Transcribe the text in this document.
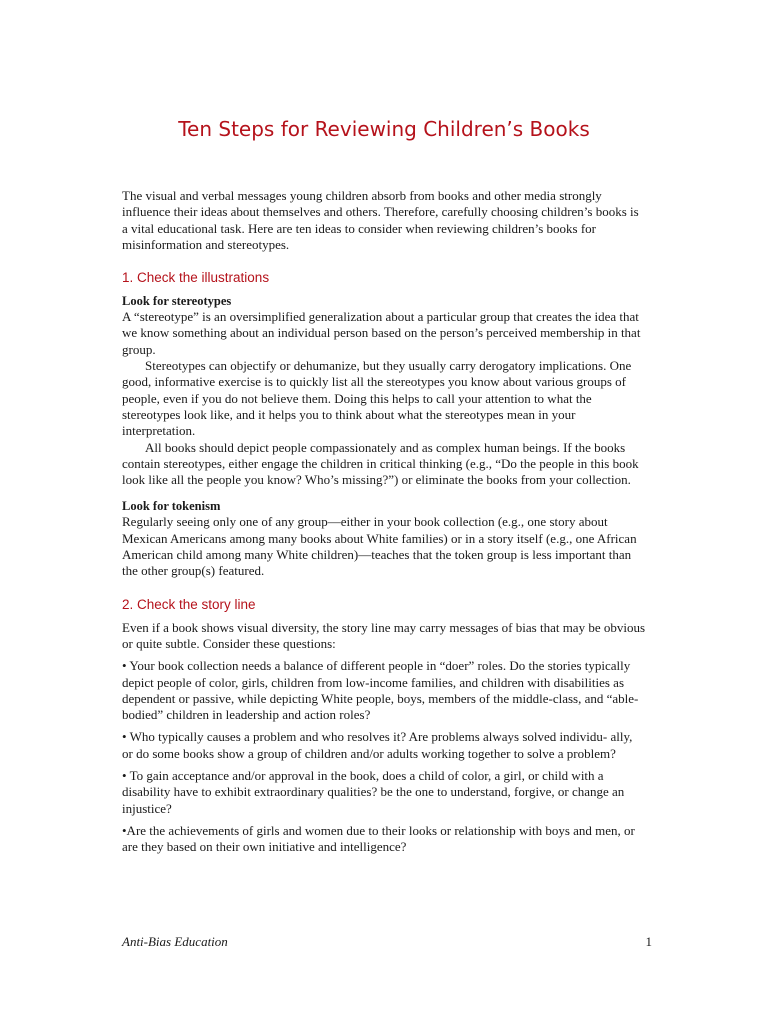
Ten Steps for Reviewing Children’s Books

The visual and verbal messages young children absorb from books and other media strongly influence their ideas about themselves and others. Therefore, carefully choosing children’s books is a vital educational task. Here are ten ideas to consider when reviewing children’s books for misinformation and stereotypes.

1. Check the illustrations

Look for stereotypes

A “stereotype” is an oversimplified generalization about a particular group that creates the idea that we know something about an individual person based on the person’s perceived membership in that group.

Stereotypes can objectify or dehumanize, but they usually carry derogatory implications. One good, informative exercise is to quickly list all the stereotypes you know about various groups of people, even if you do not believe them. Doing this helps to call your attention to what the stereotypes look like, and it helps you to think about what the stereotypes mean in your interpretation.

All books should depict people compassionately and as complex human beings. If the books contain stereotypes, either engage the children in critical thinking (e.g., “Do the people in this book look like all the people you know? Who’s missing?”) or eliminate the books from your collection.

Look for tokenism

Regularly seeing only one of any group—either in your book collection (e.g., one story about Mexican Americans among many books about White families) or in a story itself (e.g., one African American child among many White children)—teaches that the token group is less important than the other group(s) featured.

2. Check the story line

Even if a book shows visual diversity, the story line may carry messages of bias that may be obvious or quite subtle. Consider these questions:

• Your book collection needs a balance of different people in “doer” roles. Do the stories typically depict people of color, girls, children from low-income families, and children with disabilities as dependent or passive, while depicting White people, boys, members of the middle-class, and “able-bodied” children in leadership and action roles?

• Who typically causes a problem and who resolves it? Are problems always solved individu- ally, or do some books show a group of children and/or adults working together to solve a problem?

• To gain acceptance and/or approval in the book, does a child of color, a girl, or child with a disability have to exhibit extraordinary qualities? be the one to understand, forgive, or change an injustice?

•Are the achievements of girls and women due to their looks or relationship with boys and men, or are they based on their own initiative and intelligence?

Anti-Bias Education	1
